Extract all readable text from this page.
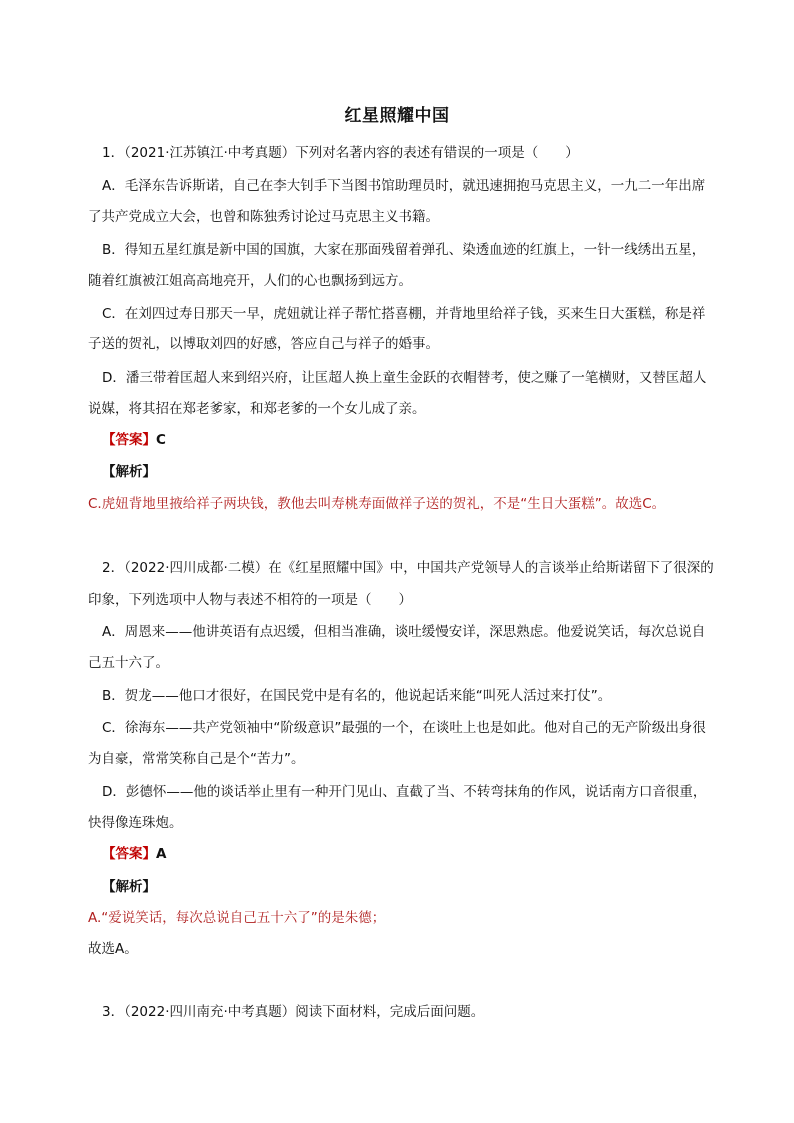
红星照耀中国
1．（2021·江苏镇江·中考真题）下列对名著内容的表述有错误的一项是（　　）
A．毛泽东告诉斯诺，自己在李大钊手下当图书馆助理员时，就迅速拥抱马克思主义，一九二一年出席
了共产党成立大会，也曾和陈独秀讨论过马克思主义书籍。
B．得知五星红旗是新中国的国旗，大家在那面残留着弹孔、染透血迹的红旗上，一针一线绣出五星，
随着红旗被江姐高高地亮开，人们的心也飘扬到远方。
C．在刘四过寿日那天一早，虎妞就让祥子帮忙搭喜棚，并背地里给祥子钱，买来生日大蛋糕，称是祥
子送的贺礼，以博取刘四的好感，答应自己与祥子的婚事。
D．潘三带着匡超人来到绍兴府，让匡超人换上童生金跃的衣帽替考，使之赚了一笔横财，又替匡超人
说媒，将其招在郑老爹家，和郑老爹的一个女儿成了亲。
【答案】C
【解析】
C.虎妞背地里掖给祥子两块钱，教他去叫寿桃寿面做祥子送的贺礼，不是“生日大蛋糕”。故选C。
2．（2022·四川成都·二模）在《红星照耀中国》中，中国共产党领导人的言谈举止给斯诺留下了很深的
印象，下列选项中人物与表述不相符的一项是（　　）
A．周恩来——他讲英语有点迟缓，但相当准确，谈吐缓慢安详，深思熟虑。他爱说笑话，每次总说自
己五十六了。
B．贺龙——他口才很好，在国民党中是有名的，他说起话来能“叫死人活过来打仗”。
C．徐海东——共产党领袖中“阶级意识”最强的一个，在谈吐上也是如此。他对自己的无产阶级出身很
为自豪，常常笑称自己是个“苦力”。
D．彭德怀——他的谈话举止里有一种开门见山、直截了当、不转弯抹角的作风，说话南方口音很重，
快得像连珠炮。
【答案】A
【解析】
A.“爱说笑话，每次总说自己五十六了”的是朱德；
故选A。
3．（2022·四川南充·中考真题）阅读下面材料，完成后面问题。
